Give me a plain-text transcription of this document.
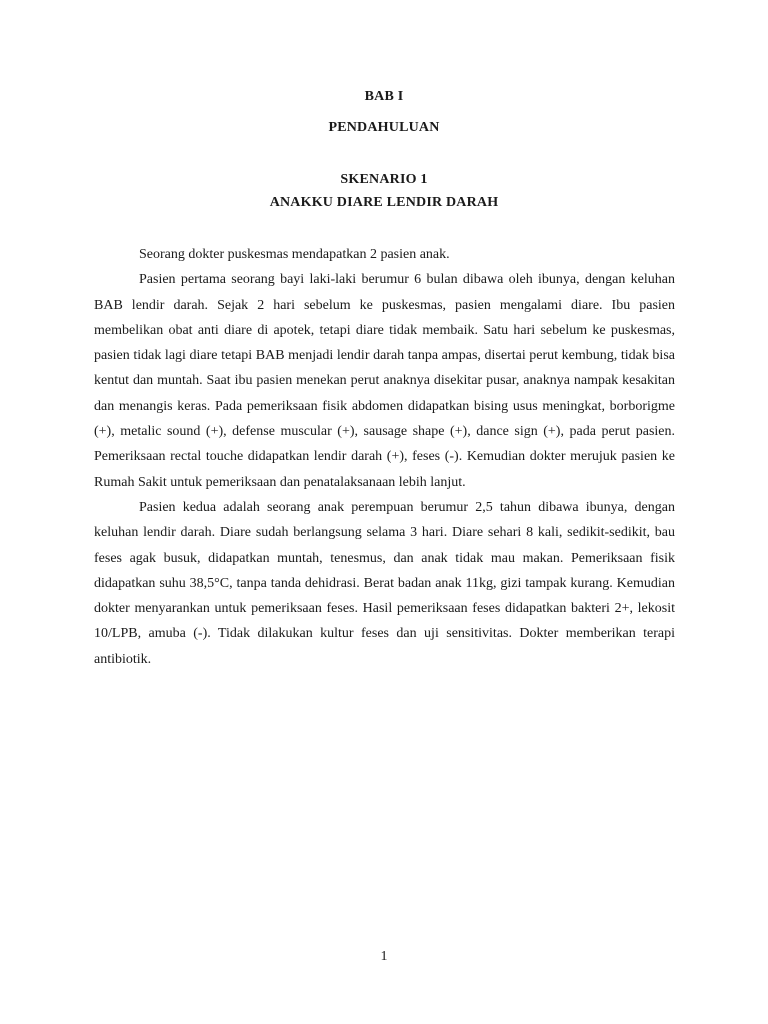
BAB I
PENDAHULUAN
SKENARIO 1
ANAKKU DIARE LENDIR DARAH

Seorang dokter puskesmas mendapatkan 2 pasien anak.

Pasien pertama seorang bayi laki-laki berumur 6 bulan dibawa oleh ibunya, dengan keluhan BAB lendir darah. Sejak 2 hari sebelum ke puskesmas, pasien mengalami diare. Ibu pasien membelikan obat anti diare di apotek, tetapi diare tidak membaik. Satu hari sebelum ke puskesmas, pasien tidak lagi diare tetapi BAB menjadi lendir darah tanpa ampas, disertai perut kembung, tidak bisa kentut dan muntah. Saat ibu pasien menekan perut anaknya disekitar pusar, anaknya nampak kesakitan dan menangis keras. Pada pemeriksaan fisik abdomen didapatkan bising usus meningkat, borborigme (+), metalic sound (+), defense muscular (+), sausage shape (+), dance sign (+), pada perut pasien. Pemeriksaan rectal touche didapatkan lendir darah (+), feses (-). Kemudian dokter merujuk pasien ke Rumah Sakit untuk pemeriksaan dan penatalaksanaan lebih lanjut.

Pasien kedua adalah seorang anak perempuan berumur 2,5 tahun dibawa ibunya, dengan keluhan lendir darah. Diare sudah berlangsung selama 3 hari. Diare sehari 8 kali, sedikit-sedikit, bau feses agak busuk, didapatkan muntah, tenesmus, dan anak tidak mau makan. Pemeriksaan fisik didapatkan suhu 38,5°C, tanpa tanda dehidrasi. Berat badan anak 11kg, gizi tampak kurang. Kemudian dokter menyarankan untuk pemeriksaan feses. Hasil pemeriksaan feses didapatkan bakteri 2+, lekosit 10/LPB, amuba (-). Tidak dilakukan kultur feses dan uji sensitivitas. Dokter memberikan terapi antibiotik.

1
